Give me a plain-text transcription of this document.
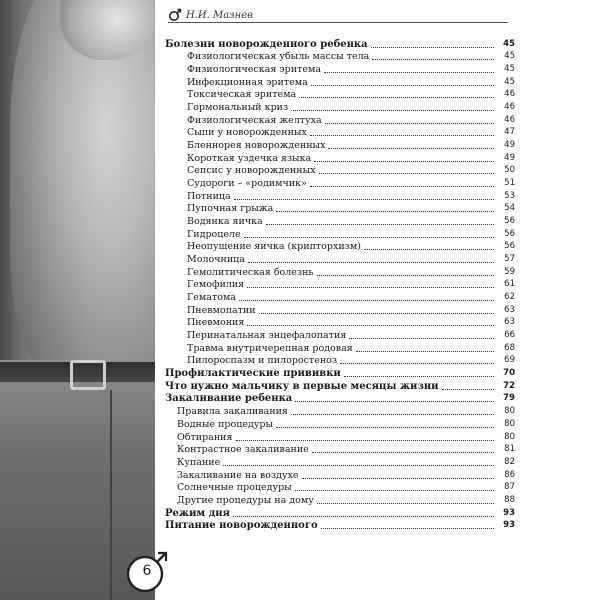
Н.И. Мазнев
Болезни новорожденного ребенка	45
Физиологическая убыль массы тела	45
Физиологическая эритема	45
Инфекционная эритема	45
Токсическая эритема	46
Гормональный криз	46
Физиологическая желтуха	46
Сыпи у новорожденных	47
Бленнорея новорожденных	49
Короткая уздечка языка	49
Сепсис у новорожденных	50
Судороги – «родимчик»	51
Потница	53
Пупочная грыжа	54
Водянка яичка	56
Гидроцеле	56
Неопущение яичка (крипторхизм)	56
Молочница	57
Гемолитическая болезнь	59
Гемофилия	61
Гематома	62
Пневмопатии	63
Пневмония	63
Перинатальная энцефалопатия	66
Травма внутричерепная родовая	68
Пилороспазм и пилоростеноз	69
Профилактические прививки	70
Что нужно мальчику в первые месяцы жизни	72
Закаливание ребенка	79
Правила закаливания	80
Водные процедуры	80
Обтирания	80
Контрастное закаливание	81
Купание	82
Закаливание на воздухе	86
Солнечные процедуры	87
Другие процедуры на дому	88
Режим дня	93
Питание новорожденного	93
6
